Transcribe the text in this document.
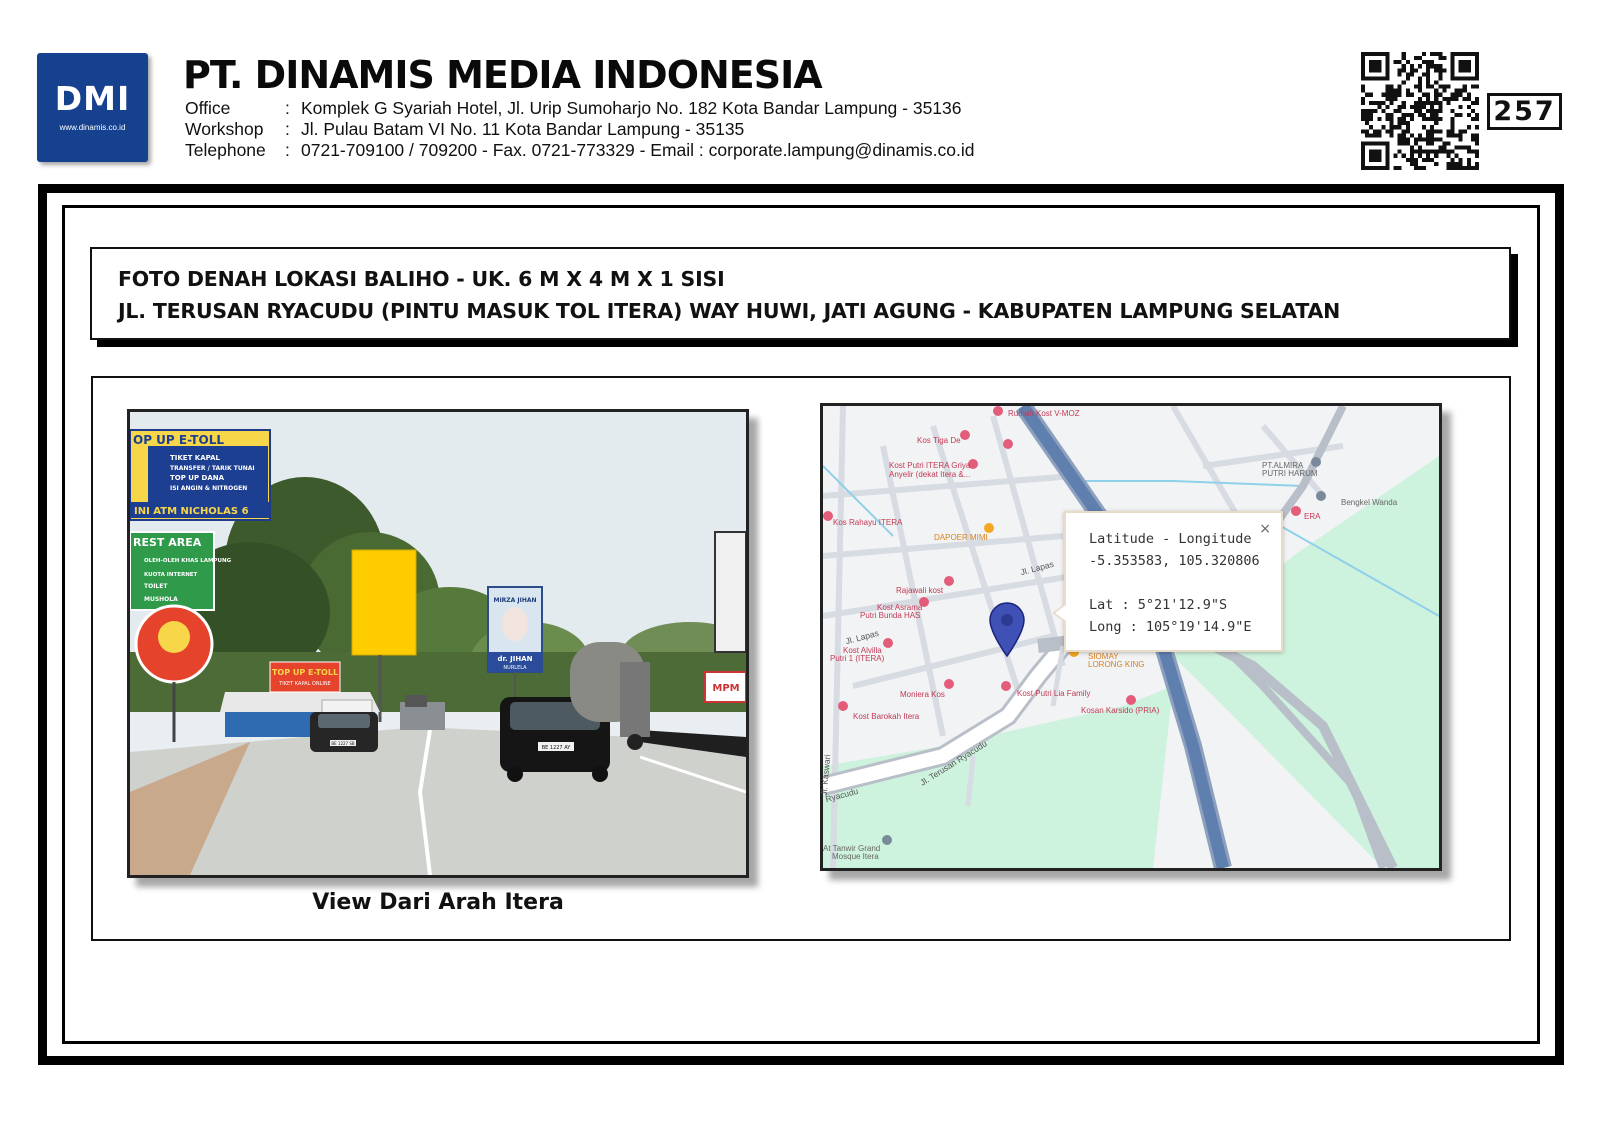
DMI
www.dinamis.co.id
PT. DINAMIS MEDIA INDONESIA
Office	: Komplek G Syariah Hotel, Jl. Urip Sumoharjo No. 182 Kota Bandar Lampung - 35136
Workshop	: Jl. Pulau Batam VI No. 11 Kota Bandar Lampung - 35135
Telephone	: 0721-709100 / 709200 - Fax. 0721-773329 - Email : corporate.lampung@dinamis.co.id
257
FOTO DENAH LOKASI BALIHO - UK. 6 M X 4 M X 1 SISI
JL. TERUSAN RYACUDU (PINTU MASUK TOL ITERA) WAY HUWI, JATI AGUNG - KABUPATEN LAMPUNG SELATAN
MIRZA JIHAN
dr. JIHAN
NURLELA
OP UP E-TOLL
TIKET KAPAL
TRANSFER / TARIK TUNAI
TOP UP DANA
ISI ANGIN & NITROGEN
INI ATM NICHOLAS 6
REST AREA
OLEH-OLEH KHAS LAMPUNG
KUOTA INTERNET
TOILET
MUSHOLA
TOP UP E-TOLL
TIKET KAPAL ONLINE
BE 1227 SB
BE 1227 AY
MPM
View Dari Arah Itera
Rumah Kost V-MOZ
Kos Tiga De
Kost Putri ITERA Griya
Anyelir (dekat Itera &...
PT.ALMIRA
PUTRI HARUM
Bengkel Wanda
ERA
Kos Rahayu ITERA
DAPOER MIMI
Rajawali kost
Kost Asrama
Putri Bunda HAS
Kost Alvilla
Putri 1 (ITERA)	SIOMAY
LORONG KING
Moniera Kos	Kost Putri Lia Family
Kost Barokah Itera
Kosan Karsido (PRIA)
At Tanwir Grand
Mosque Itera
Jl. Lapas
Jl. Lapas
Jl. Terusan Ryacudu
Ryacudu
Jl. Kaswari
×
Latitude - Longitude
-5.353583, 105.320806
Lat : 5°21'12.9"S
Long : 105°19'14.9"E
